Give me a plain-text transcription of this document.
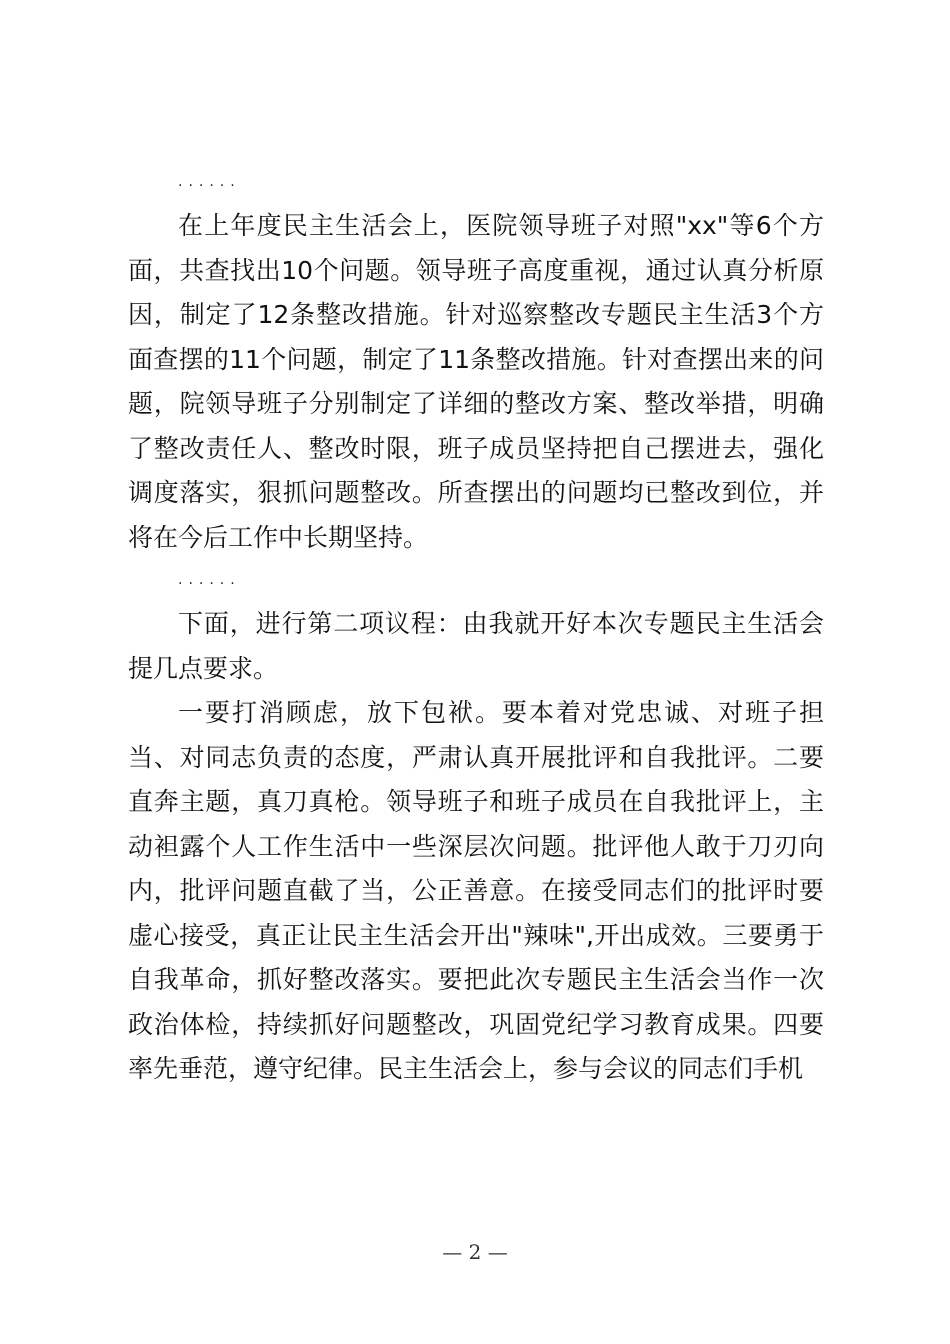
······

在上年度民主生活会上，医院领导班子对照"xx"等6个方面，共查找出10个问题。领导班子高度重视，通过认真分析原因，制定了12条整改措施。针对巡察整改专题民主生活3个方面查摆的11个问题，制定了11条整改措施。针对查摆出来的问题，院领导班子分别制定了详细的整改方案、整改举措，明确了整改责任人、整改时限，班子成员坚持把自己摆进去，强化调度落实，狠抓问题整改。所查摆出的问题均已整改到位，并将在今后工作中长期坚持。

······

下面，进行第二项议程：由我就开好本次专题民主生活会提几点要求。

一要打消顾虑，放下包袱。要本着对党忠诚、对班子担当、对同志负责的态度，严肃认真开展批评和自我批评。二要直奔主题，真刀真枪。领导班子和班子成员在自我批评上，主动袒露个人工作生活中一些深层次问题。批评他人敢于刀刃向内，批评问题直截了当，公正善意。在接受同志们的批评时要虚心接受，真正让民主生活会开出"辣味",开出成效。三要勇于自我革命，抓好整改落实。要把此次专题民主生活会当作一次政治体检，持续抓好问题整改，巩固党纪学习教育成果。四要率先垂范，遵守纪律。民主生活会上，参与会议的同志们手机

— 2 —
